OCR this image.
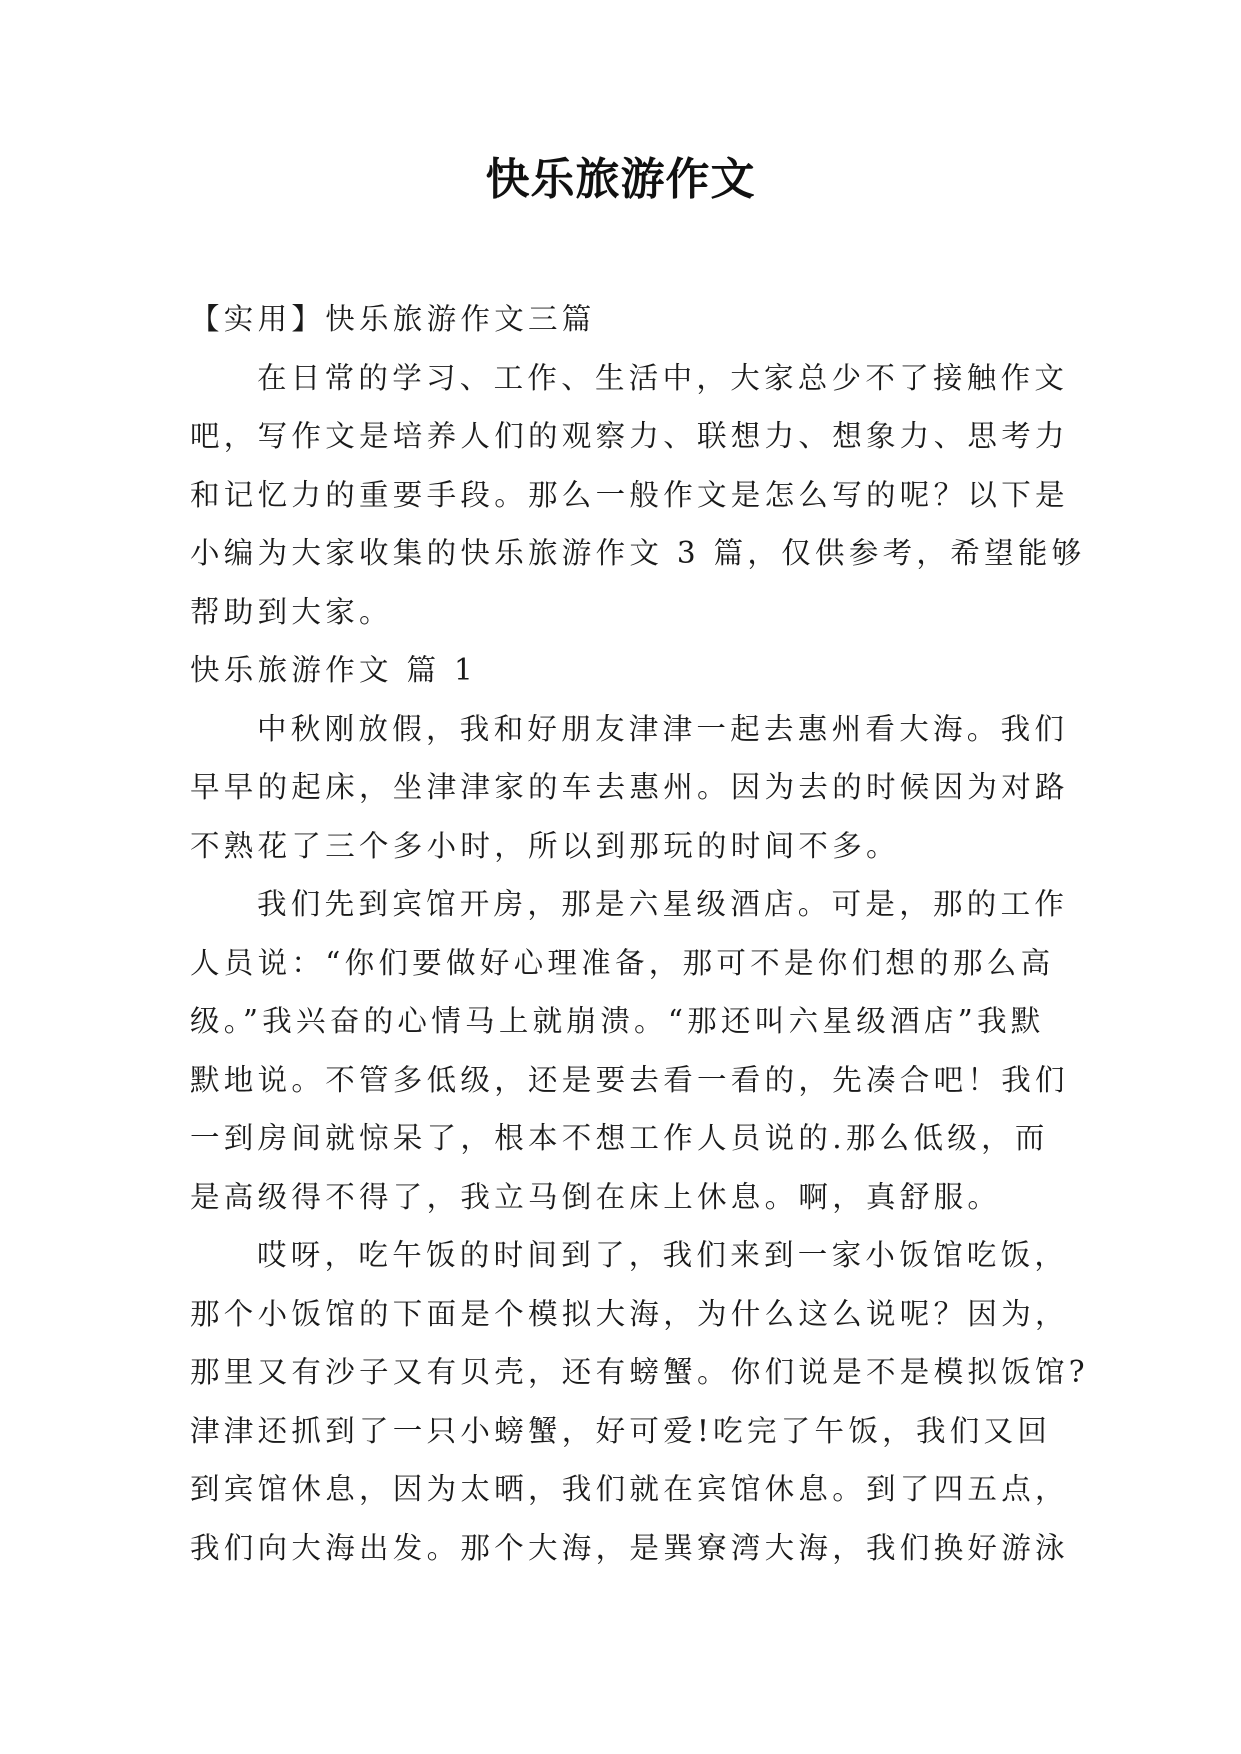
快乐旅游作文
【实用】快乐旅游作文三篇
在日常的学习、工作、生活中，大家总少不了接触作文
吧，写作文是培养人们的观察力、联想力、想象力、思考力
和记忆力的重要手段。那么一般作文是怎么写的呢？以下是
小编为大家收集的快乐旅游作文 3 篇，仅供参考，希望能够
帮助到大家。
快乐旅游作文 篇 1
中秋刚放假，我和好朋友津津一起去惠州看大海。我们
早早的起床，坐津津家的车去惠州。因为去的时候因为对路
不熟花了三个多小时，所以到那玩的时间不多。
我们先到宾馆开房，那是六星级酒店。可是，那的工作
人员说：“你们要做好心理准备，那可不是你们想的那么高
级。”我兴奋的心情马上就崩溃。“那还叫六星级酒店”我默
默地说。不管多低级，还是要去看一看的，先凑合吧！我们
一到房间就惊呆了，根本不想工作人员说的.那么低级，而
是高级得不得了，我立马倒在床上休息。啊，真舒服。
哎呀，吃午饭的时间到了，我们来到一家小饭馆吃饭，
那个小饭馆的下面是个模拟大海，为什么这么说呢？因为，
那里又有沙子又有贝壳，还有螃蟹。你们说是不是模拟饭馆?
津津还抓到了一只小螃蟹，好可爱!吃完了午饭，我们又回
到宾馆休息，因为太晒，我们就在宾馆休息。到了四五点，
我们向大海出发。那个大海，是巽寮湾大海，我们换好游泳
